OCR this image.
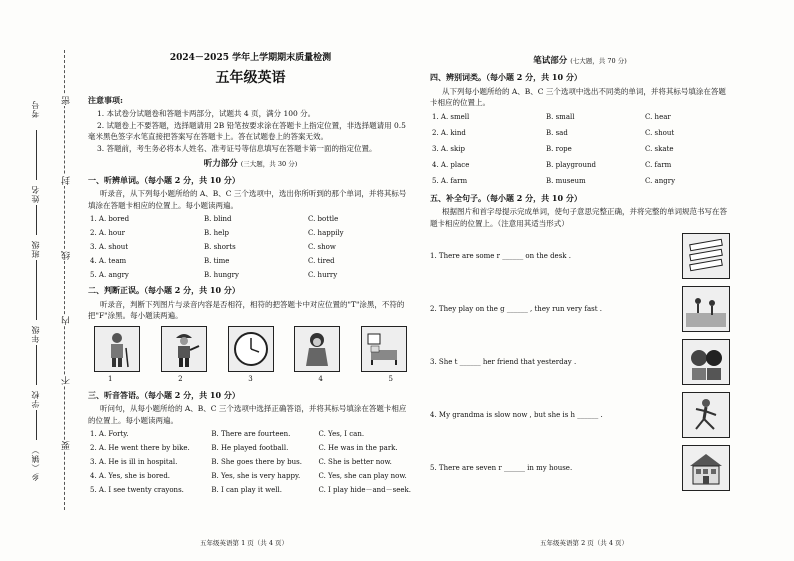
考号
姓名
班级
年级
学校
乡（镇）
密
封
线
内
不
要

2024－2025 学年上学期期末质量检测

五年级英语

注意事项:

1. 本试卷分试题卷和答题卡两部分，试题共 4 页，满分 100 分。

2. 试题卷上不要答题，选择题请用 2B 铅笔按要求涂在答题卡上指定位置，非选择题请用 0.5 毫米黑色签字水笔直接把答案写在答题卡上。答在试题卷上的答案无效。

3. 答题前，考生务必将本人姓名、准考证号等信息填写在答题卡第一面的指定位置。

听力部分 (三大题，共 30 分)

一、听辨单词。（每小题 2 分，共 10 分）

听录音，从下列每小题所给的 A、B、C 三个选项中，选出你所听到的那个单词，并将其标号填涂在答题卡相应的位置上。每小题读两遍。

1. A. bored	B. blind	C. bottle
2. A. hour	B. help	C. happily
3. A. shout	B. shorts	C. show
4. A. team	B. time	C. tired
5. A. angry	B. hungry	C. hurry

二、判断正误。（每小题 2 分，共 10 分）

听录音，判断下列图片与录音内容是否相符，相符的把答题卡中对应位置的"T"涂黑，不符的把"F"涂黑。每小题读两遍。

1	2	3	4	5

三、听音答语。（每小题 2 分，共 10 分）

听问句，从每小题所给的 A、B、C 三个选项中选择正确答语，并将其标号填涂在答题卡相应的位置上。每小题读两遍。

1. A. Forty.	B. There are fourteen.	C. Yes, I can.
2. A. He went there by bike.	B. He played football.	C. He was in the park.
3. A. He is ill in hospital.	B. She goes there by bus.	C. She is better now.
4. A. Yes, she is bored.	B. Yes, she is very happy.	C. Yes, she can play now.
5. A. I see twenty crayons.	B. I can play it well.	C. I play hide－and－seek.
五年级英语第 1 页（共 4 页）

笔试部分 (七大题，共 70 分)

四、辨别词类。（每小题 2 分，共 10 分）

从下列每小题所给的 A、B、C 三个选项中选出不同类的单词，并将其标号填涂在答题卡相应的位置上。

1. A. smell	B. small	C. hear
2. A. kind	B. sad	C. shout
3. A. skip	B. rope	C. skate
4. A. place	B. playground	C. farm
5. A. farm	B. museum	C. angry

五、补全句子。（每小题 2 分，共 10 分）

根据图片和首字母提示完成单词，使句子意思完整正确，并将完整的单词规范书写在答题卡相应的位置上。（注意用其适当形式）

1. There are some r ______ on the desk .
2. They play on the g ______ , they run very fast .
3. She t ______ her friend that yesterday .
4. My grandma is slow now , but she is h ______ .
5. There are seven r ______ in my house.
五年级英语第 2 页（共 4 页）
